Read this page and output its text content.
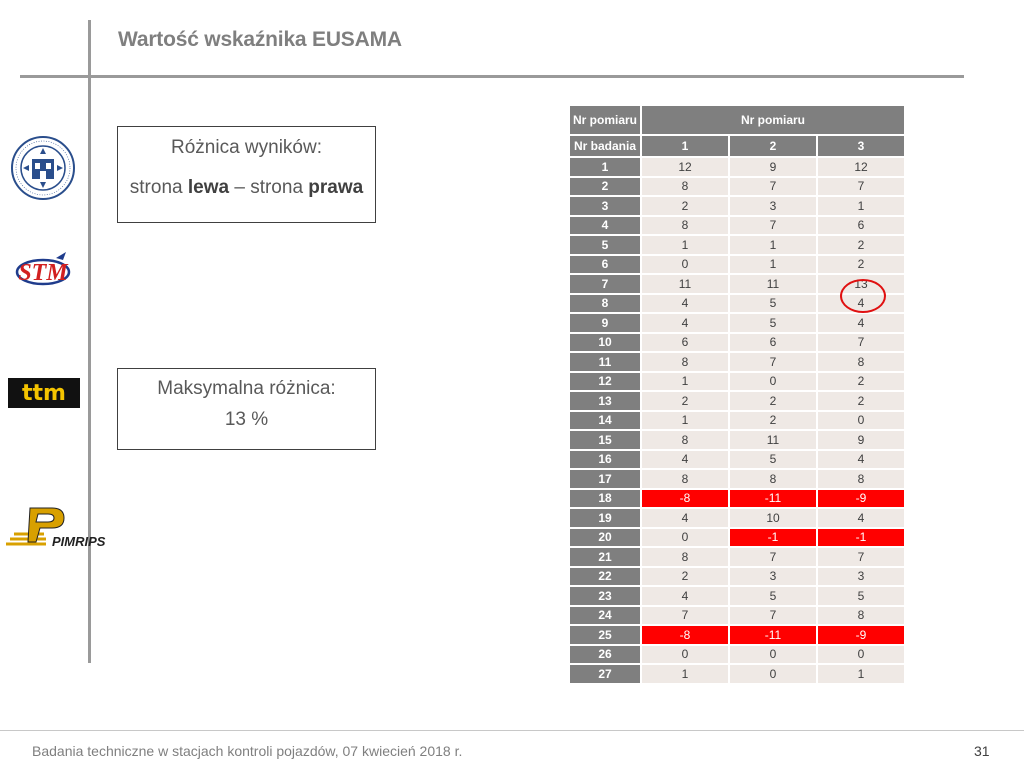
Wartość wskaźnika EUSAMA
STM
ttm
PIMRIPS
Różnica wyników:
strona lewa – strona prawa
Maksymalna różnica:
13 %
Nr pomiaru	Nr pomiaru		
Nr badania	1	2	3
1	12	9	12
2	8	7	7
3	2	3	1
4	8	7	6
5	1	1	2
6	0	1	2
7	11	11	13
8	4	5	4
9	4	5	4
10	6	6	7
11	8	7	8
12	1	0	2
13	2	2	2
14	1	2	0
15	8	11	9
16	4	5	4
17	8	8	8
18	-8	-11	-9
19	4	10	4
20	0	-1	-1
21	8	7	7
22	2	3	3
23	4	5	5
24	7	7	8
25	-8	-11	-9
26	0	0	0
27	1	0	1
Badania techniczne w stacjach kontroli pojazdów, 07 kwiecień 2018 r.	31
